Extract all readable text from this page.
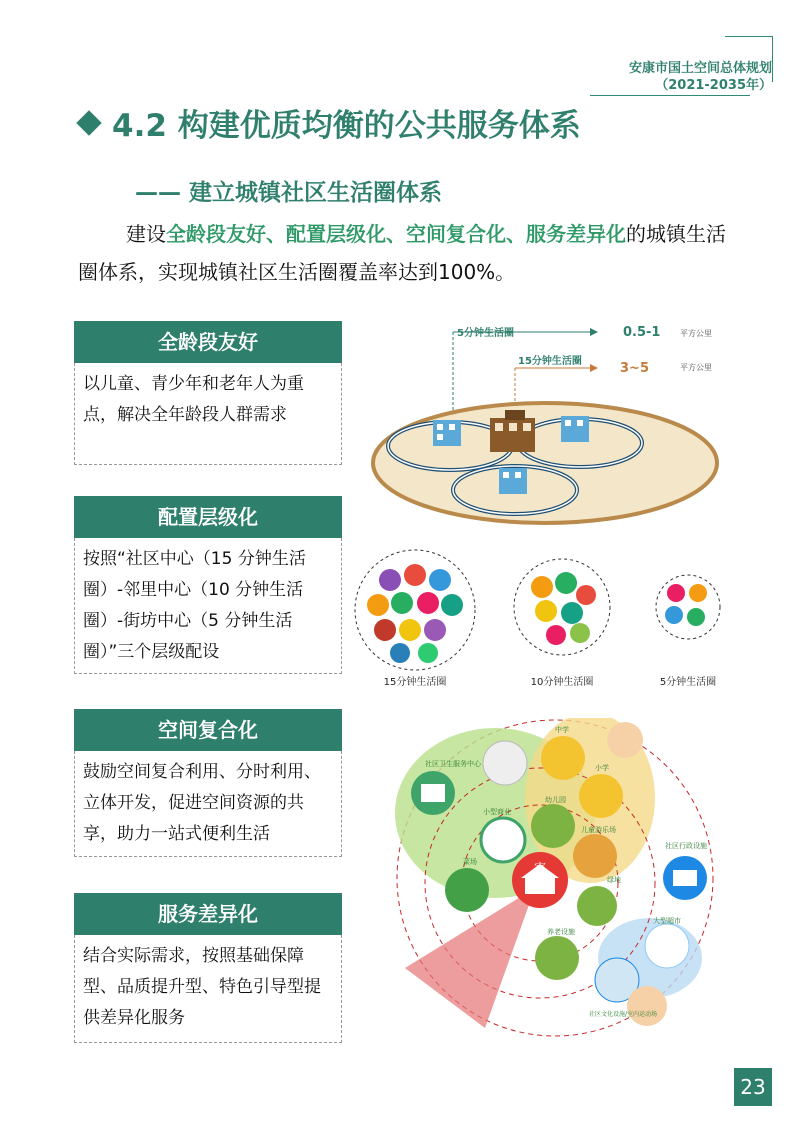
安康市国土空间总体规划
（2021-2035年）
4.2 构建优质均衡的公共服务体系
—— 建立城镇社区生活圈体系

建设全龄段友好、配置层级化、空间复合化、服务差异化的城镇生活圈体系，实现城镇社区生活圈覆盖率达到100%。

全龄段友好
以儿童、青少年和老年人为重点，解决全年龄段人群需求
配置层级化
按照“社区中心（15 分钟生活圈）-邻里中心（10 分钟生活圈）-街坊中心（5 分钟生活圈）”三个层级配设
空间复合化
鼓励空间复合利用、分时利用、立体开发，促进空间资源的共享，助力一站式便利生活
服务差异化
结合实际需求，按照基础保障型、品质提升型、特色引导型提供差异化服务
5分钟生活圈	0.5-1 平方公里
15分钟生活圈	3~5	平方公里
15分钟生活圈	10分钟生活圈	5分钟生活圈
家
社区卫生服务中心
中学
小学
幼儿园
小型商业
儿童游乐场
菜场
社区行政设施
绿地
养老设施
社区文化设施/室内运动场
大型超市
23
